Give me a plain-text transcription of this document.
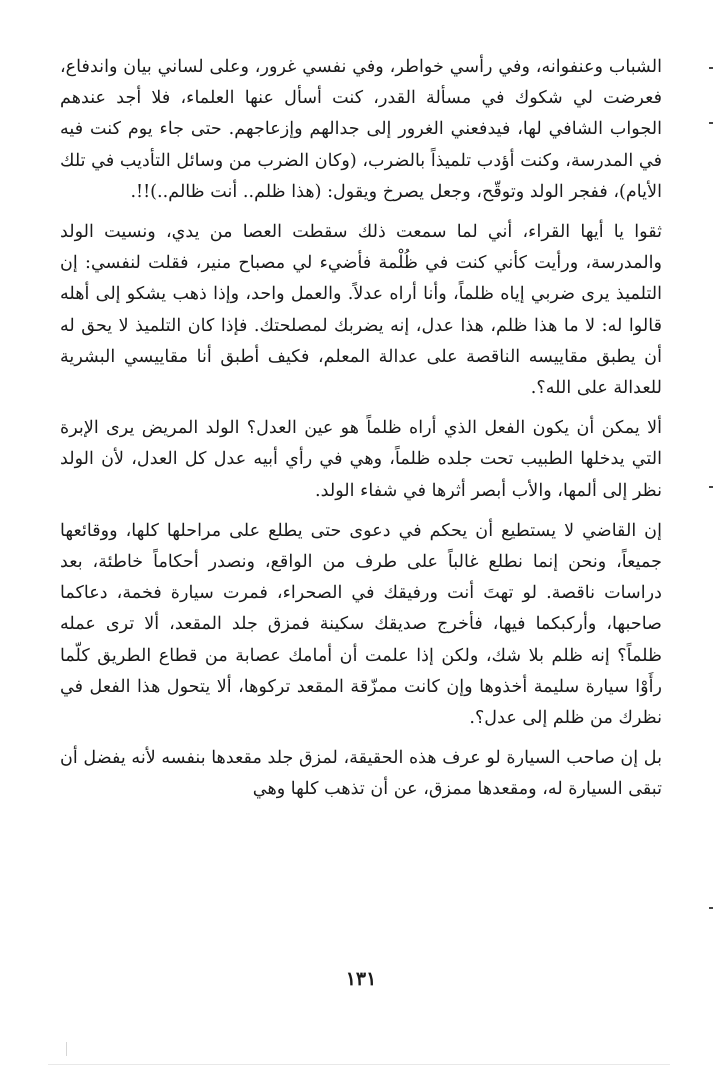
الشباب وعنفوانه، وفي رأسي خواطر، وفي نفسي غرور، وعلى لساني بيان واندفاع، فعرضت لي شكوك في مسألة القدر، كنت أسأل عنها العلماء، فلا أجد عندهم الجواب الشافي لها، فيدفعني الغرور إلى جدالهم وإزعاجهم. حتى جاء يوم كنت فيه في المدرسة، وكنت أؤدب تلميذاً بالضرب، (وكان الضرب من وسائل التأديب في تلك الأيام)، ففجر الولد وتوقّح، وجعل يصرخ ويقول: (هذا ظلم.. أنت ظالم..)!!.

ثقوا يا أيها القراء، أني لما سمعت ذلك سقطت العصا من يدي، ونسيت الولد والمدرسة، ورأيت كأني كنت في ظُلْمة فأضيء لي مصباح منير، فقلت لنفسي: إن التلميذ يرى ضربي إياه ظلماً، وأنا أراه عدلاً. والعمل واحد، وإذا ذهب يشكو إلى أهله قالوا له: لا ما هذا ظلم، هذا عدل، إنه يضربك لمصلحتك. فإذا كان التلميذ لا يحق له أن يطبق مقاييسه الناقصة على عدالة المعلم، فكيف أطبق أنا مقاييسي البشرية للعدالة على الله؟.

ألا يمكن أن يكون الفعل الذي أراه ظلماً هو عين العدل؟ الولد المريض يرى الإبرة التي يدخلها الطبيب تحت جلده ظلماً، وهي في رأي أبيه عدل كل العدل، لأن الولد نظر إلى ألمها، والأب أبصر أثرها في شفاء الولد.

إن القاضي لا يستطيع أن يحكم في دعوى حتى يطلع على مراحلها كلها، ووقائعها جميعاً، ونحن إنما نطلع غالباً على طرف من الواقع، ونصدر أحكاماً خاطئة، بعد دراسات ناقصة. لو تهتَ أنت ورفيقك في الصحراء، فمرت سيارة فخمة، دعاكما صاحبها، وأركبكما فيها، فأخرج صديقك سكينة فمزق جلد المقعد، ألا ترى عمله ظلماً؟ إنه ظلم بلا شك، ولكن إذا علمت أن أمامك عصابة من قطاع الطريق كلّما رأَوْا سيارة سليمة أخذوها وإن كانت ممزّقة المقعد تركوها، ألا يتحول هذا الفعل في نظرك من ظلم إلى عدل؟.

بل إن صاحب السيارة لو عرف هذه الحقيقة، لمزق جلد مقعدها بنفسه لأنه يفضل أن تبقى السيارة له، ومقعدها ممزق، عن أن تذهب كلها وهي

١٣١
